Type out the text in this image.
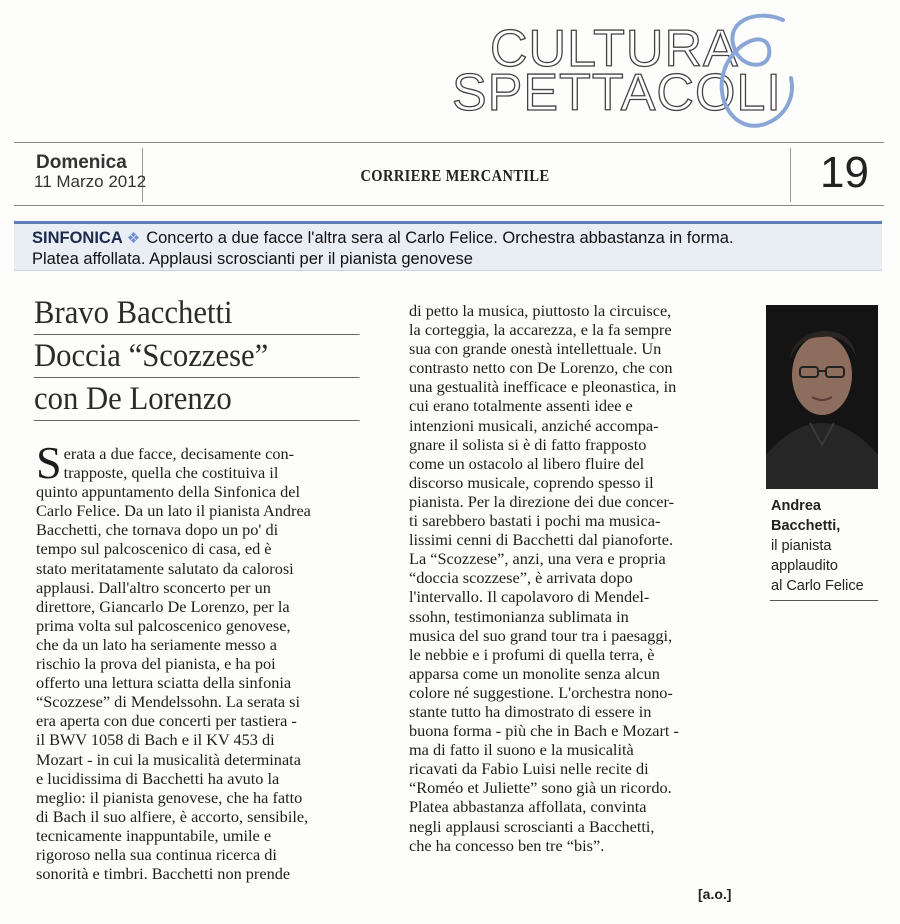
CULTURA
SPETTACOLI
Domenica
11 Marzo 2012	CORRIERE MERCANTILE	19
SINFONICA ❖ Concerto a due facce l'altra sera al Carlo Felice. Orchestra abbastanza in forma.
Platea affollata. Applausi scroscianti per il pianista genovese
Bravo Bacchetti
Doccia “Scozzese”
con De Lorenzo
S erata a due facce, decisamente con-
trapposte, quella che costituiva il
quinto appuntamento della Sinfonica del
Carlo Felice. Da un lato il pianista Andrea
Bacchetti, che tornava dopo un po' di
tempo sul palcoscenico di casa, ed è
stato meritatamente salutato da calorosi
applausi. Dall'altro sconcerto per un
direttore, Giancarlo De Lorenzo, per la
prima volta sul palcoscenico genovese,
che da un lato ha seriamente messo a
rischio la prova del pianista, e ha poi
offerto una lettura sciatta della sinfonia
“Scozzese” di Mendelssohn. La serata si
era aperta con due concerti per tastiera -
il BWV 1058 di Bach e il KV 453 di
Mozart - in cui la musicalità determinata
e lucidissima di Bacchetti ha avuto la
meglio: il pianista genovese, che ha fatto
di Bach il suo alfiere, è accorto, sensibile,
tecnicamente inappuntabile, umile e
rigoroso nella sua continua ricerca di
sonorità e timbri. Bacchetti non prende
di petto la musica, piuttosto la circuisce,
la corteggia, la accarezza, e la fa sempre
sua con grande onestà intellettuale. Un
contrasto netto con De Lorenzo, che con
una gestualità inefficace e pleonastica, in
cui erano totalmente assenti idee e
intenzioni musicali, anziché accompa-
gnare il solista si è di fatto frapposto
come un ostacolo al libero fluire del
discorso musicale, coprendo spesso il
pianista. Per la direzione dei due concer-
ti sarebbero bastati i pochi ma musica-
lissimi cenni di Bacchetti dal pianoforte.
La “Scozzese”, anzi, una vera e propria
“doccia scozzese”, è arrivata dopo
l'intervallo. Il capolavoro di Mendel-
ssohn, testimonianza sublimata in
musica del suo grand tour tra i paesaggi,
le nebbie e i profumi di quella terra, è
apparsa come un monolite senza alcun
colore né suggestione. L'orchestra nono-
stante tutto ha dimostrato di essere in
buona forma - più che in Bach e Mozart -
ma di fatto il suono e la musicalità
ricavati da Fabio Luisi nelle recite di
“Roméo et Juliette” sono già un ricordo.
Platea abbastanza affollata, convinta
negli applausi scroscianti a Bacchetti,
che ha concesso ben tre “bis”.
Andrea
Bacchetti,
il pianista
applaudito
al Carlo Felice
[a.o.]
